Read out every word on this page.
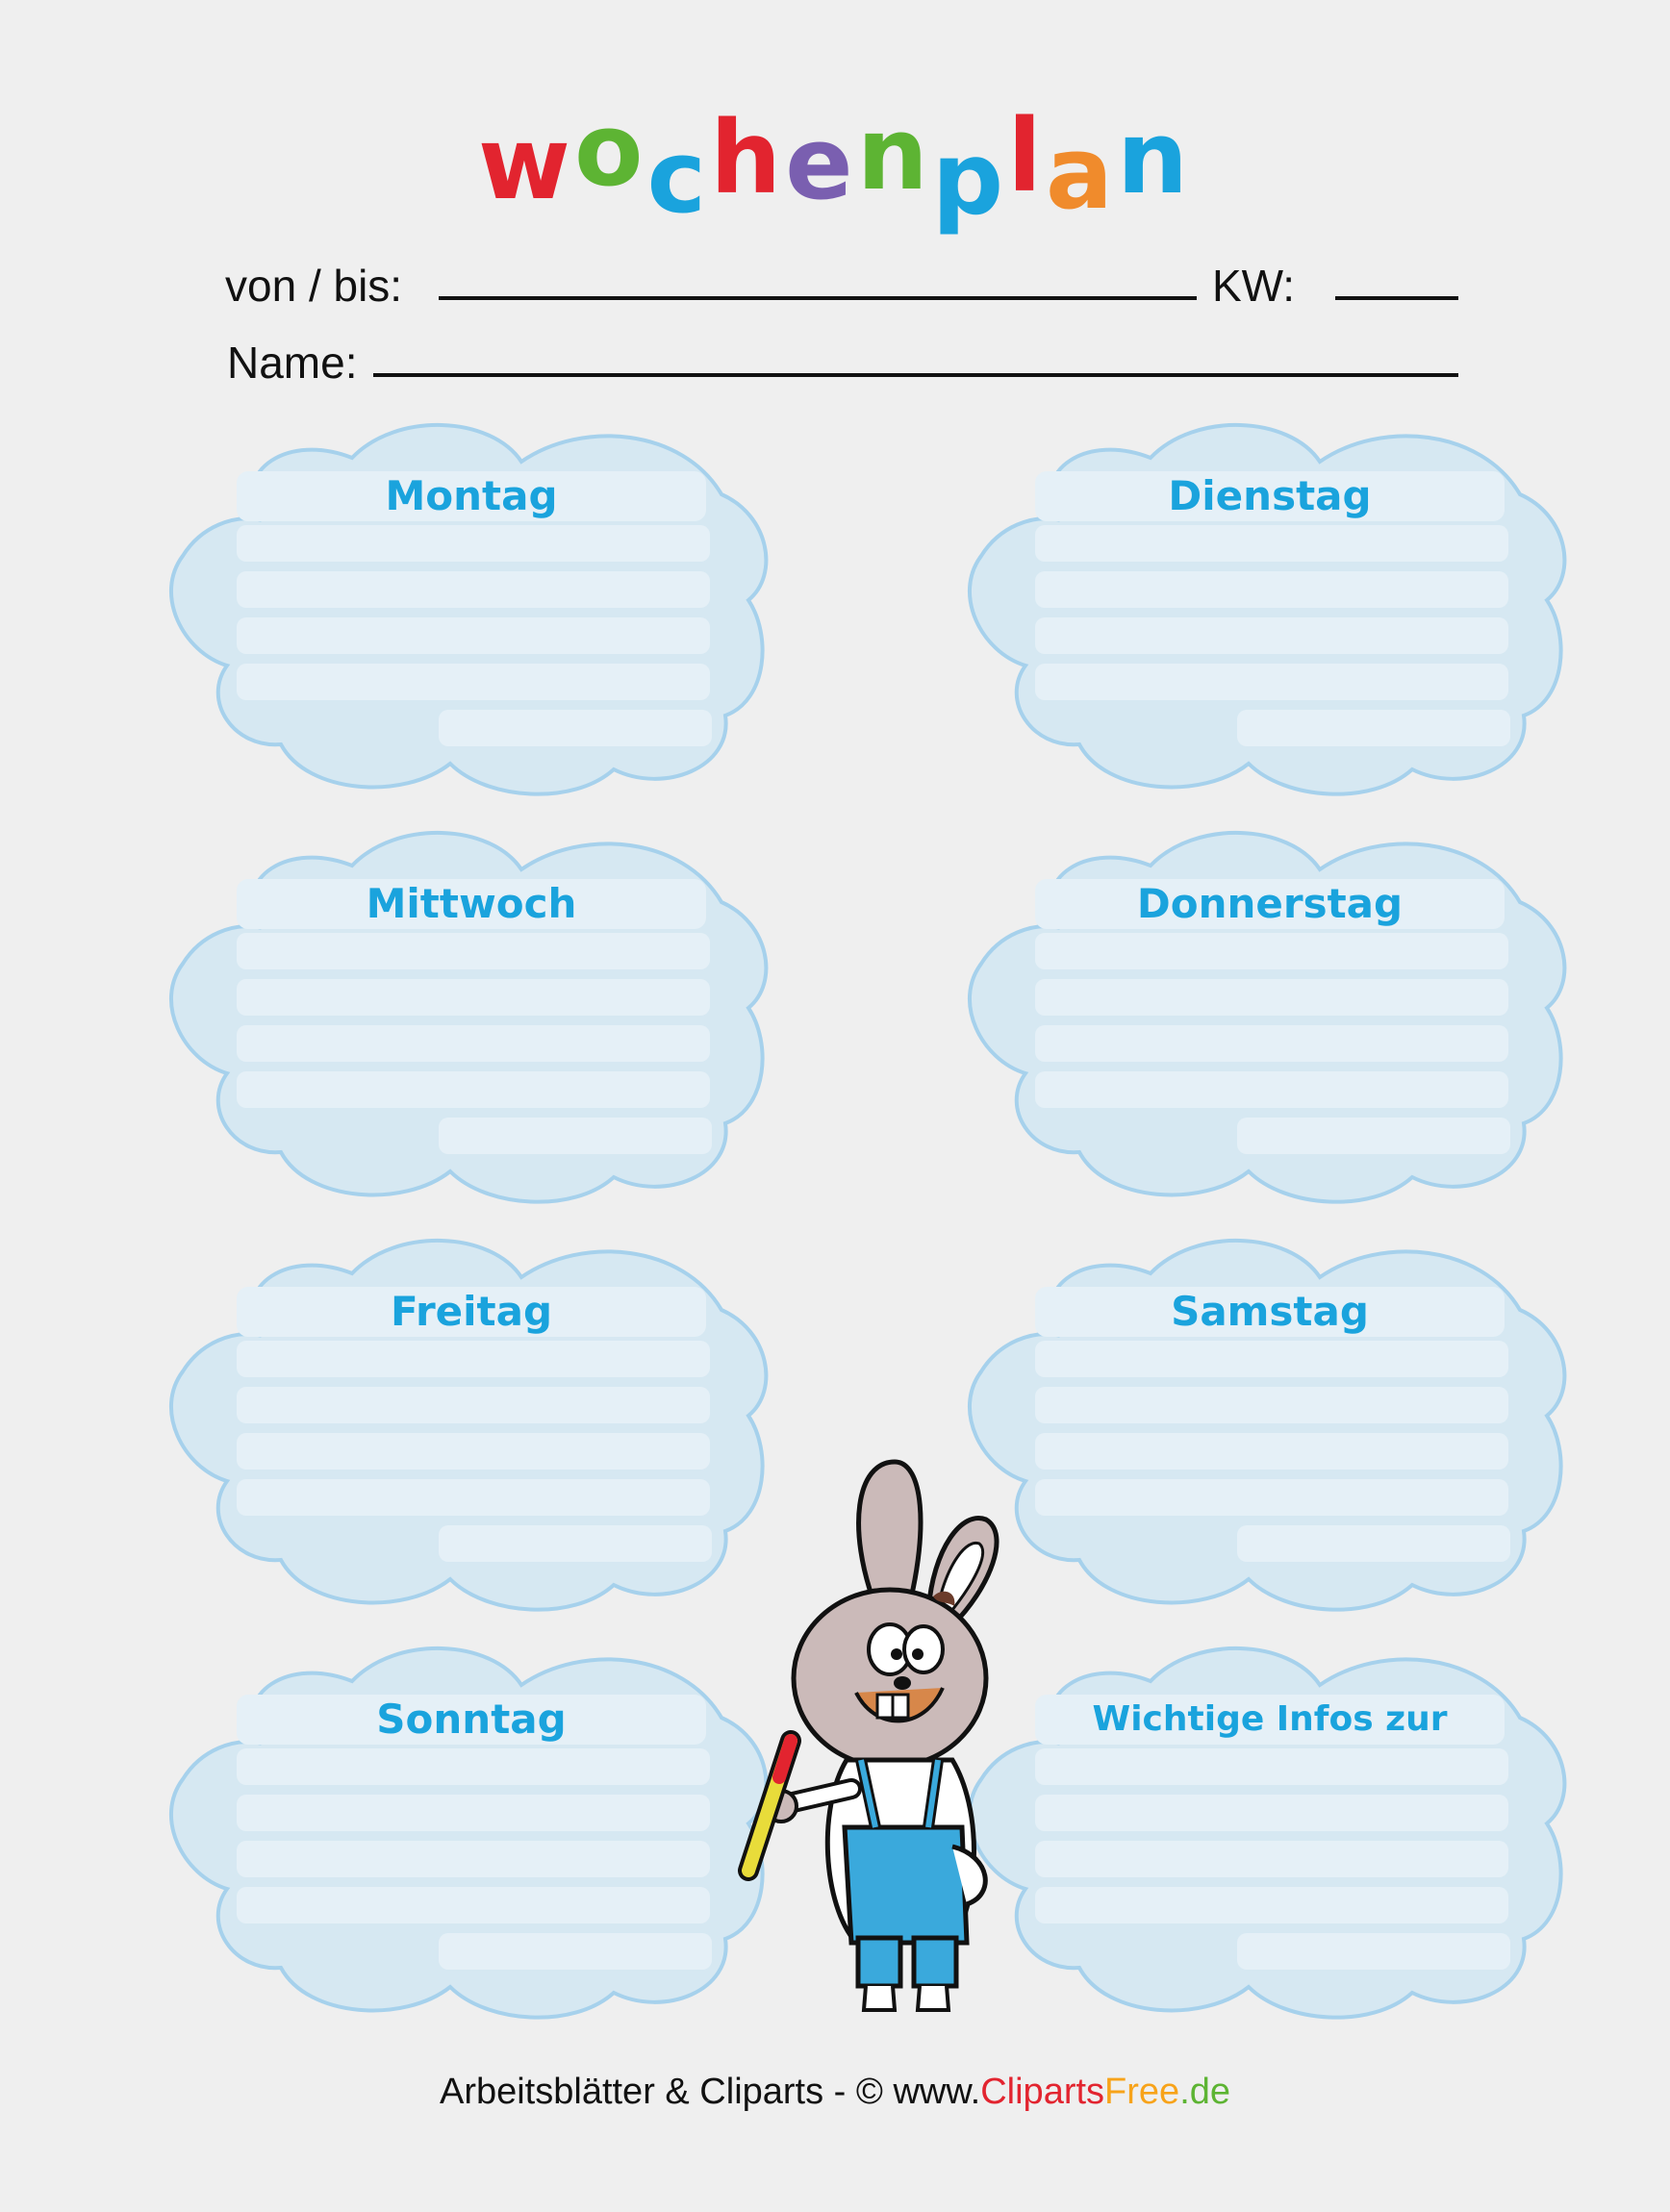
wochenplan
von / bis:	KW:
Name:
Montag	Dienstag
Mittwoch	Donnerstag
Freitag	Samstag
Sonntag	Wichtige Infos zur
Arbeitsblätter & Cliparts - © www.ClipartsFree.de
